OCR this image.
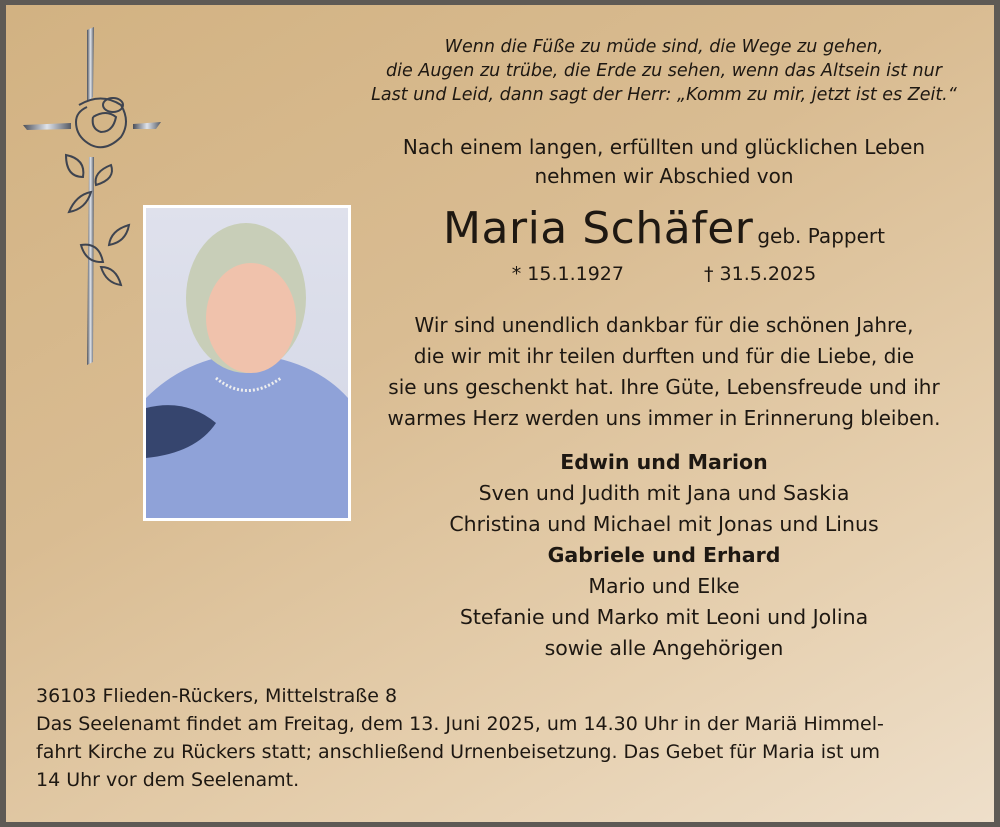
Wenn die Füße zu müde sind, die Wege zu gehen,
die Augen zu trübe, die Erde zu sehen, wenn das Altsein ist nur
Last und Leid, dann sagt der Herr: „Komm zu mir, jetzt ist es Zeit.“
Nach einem langen, erfüllten und glücklichen Leben
nehmen wir Abschied von
Maria Schäfer geb. Pappert
* 15.1.1927	† 31.5.2025
Wir sind unendlich dankbar für die schönen Jahre,
die wir mit ihr teilen durften und für die Liebe, die
sie uns geschenkt hat. Ihre Güte, Lebensfreude und ihr
warmes Herz werden uns immer in Erinnerung bleiben.
Edwin und Marion
Sven und Judith mit Jana und Saskia
Christina und Michael mit Jonas und Linus
Gabriele und Erhard
Mario und Elke
Stefanie und Marko mit Leoni und Jolina
sowie alle Angehörigen
36103 Flieden-Rückers, Mittelstraße 8
Das Seelenamt findet am Freitag, dem 13. Juni 2025, um 14.30 Uhr in der Mariä Himmel-
fahrt Kirche zu Rückers statt; anschließend Urnenbeisetzung. Das Gebet für Maria ist um
14 Uhr vor dem Seelenamt.
